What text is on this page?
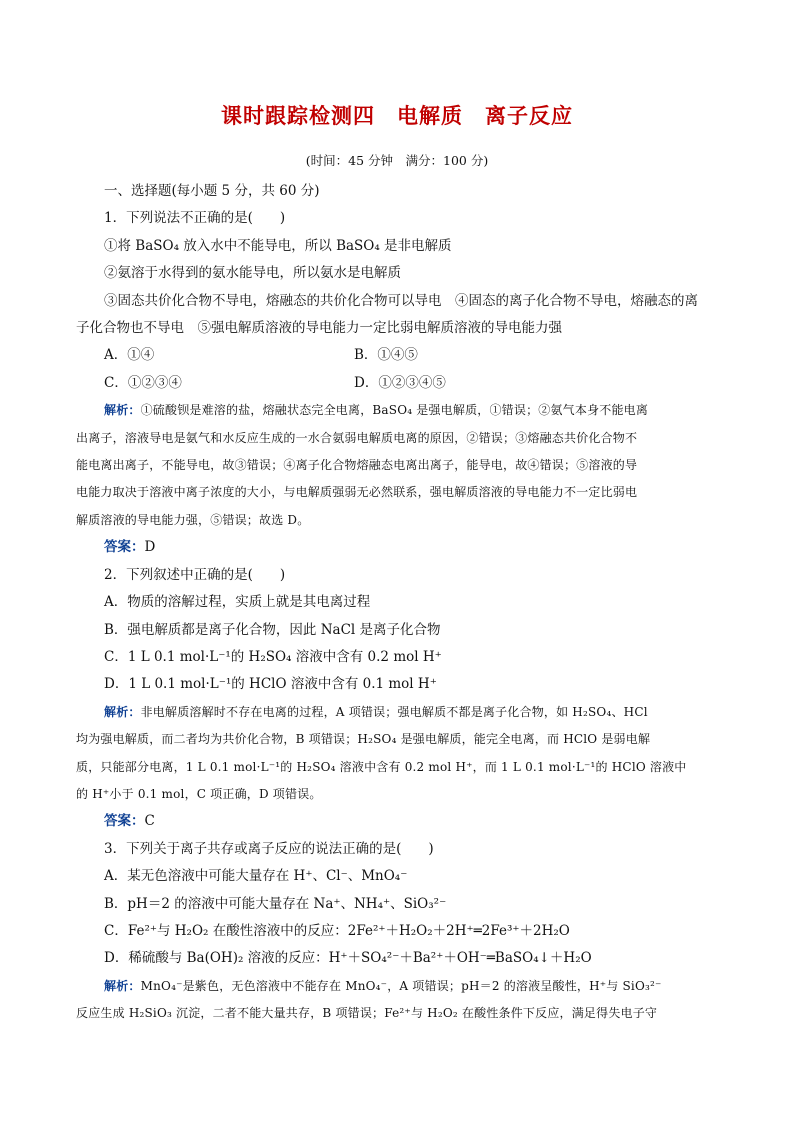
课时跟踪检测四　电解质　离子反应
(时间：45 分钟　满分：100 分)
一、选择题(每小题 5 分，共 60 分)
1．下列说法不正确的是(　　)
①将 BaSO₄ 放入水中不能导电，所以 BaSO₄ 是非电解质
②氨溶于水得到的氨水能导电，所以氨水是电解质
③固态共价化合物不导电，熔融态的共价化合物可以导电　④固态的离子化合物不导电，熔融态的离
子化合物也不导电　⑤强电解质溶液的导电能力一定比弱电解质溶液的导电能力强
A．①④	B．①④⑤
C．①②③④	D．①②③④⑤
解析：①硫酸钡是难溶的盐，熔融状态完全电离，BaSO₄ 是强电解质，①错误；②氨气本身不能电离
出离子，溶液导电是氨气和水反应生成的一水合氨弱电解质电离的原因，②错误；③熔融态共价化合物不
能电离出离子，不能导电，故③错误；④离子化合物熔融态电离出离子，能导电，故④错误；⑤溶液的导
电能力取决于溶液中离子浓度的大小，与电解质强弱无必然联系，强电解质溶液的导电能力不一定比弱电
解质溶液的导电能力强，⑤错误；故选 D。
答案：D
2．下列叙述中正确的是(　　)
A．物质的溶解过程，实质上就是其电离过程
B．强电解质都是离子化合物，因此 NaCl 是离子化合物
C．1 L 0.1 mol·L⁻¹的 H₂SO₄ 溶液中含有 0.2 mol H⁺
D．1 L 0.1 mol·L⁻¹的 HClO 溶液中含有 0.1 mol H⁺
解析：非电解质溶解时不存在电离的过程，A 项错误；强电解质不都是离子化合物，如 H₂SO₄、HCl
均为强电解质，而二者均为共价化合物，B 项错误；H₂SO₄ 是强电解质，能完全电离，而 HClO 是弱电解
质，只能部分电离，1 L 0.1 mol·L⁻¹的 H₂SO₄ 溶液中含有 0.2 mol H⁺，而 1 L 0.1 mol·L⁻¹的 HClO 溶液中
的 H⁺小于 0.1 mol，C 项正确，D 项错误。
答案：C
3．下列关于离子共存或离子反应的说法正确的是(　　)
A．某无色溶液中可能大量存在 H⁺、Cl⁻、MnO₄⁻
B．pH＝2 的溶液中可能大量存在 Na⁺、NH₄⁺、SiO₃²⁻
C．Fe²⁺与 H₂O₂ 在酸性溶液中的反应：2Fe²⁺＋H₂O₂＋2H⁺═2Fe³⁺＋2H₂O
D．稀硫酸与 Ba(OH)₂ 溶液的反应：H⁺＋SO₄²⁻＋Ba²⁺＋OH⁻═BaSO₄↓＋H₂O
解析：MnO₄⁻是紫色，无色溶液中不能存在 MnO₄⁻，A 项错误；pH＝2 的溶液呈酸性，H⁺与 SiO₃²⁻
反应生成 H₂SiO₃ 沉淀，二者不能大量共存，B 项错误；Fe²⁺与 H₂O₂ 在酸性条件下反应，满足得失电子守
